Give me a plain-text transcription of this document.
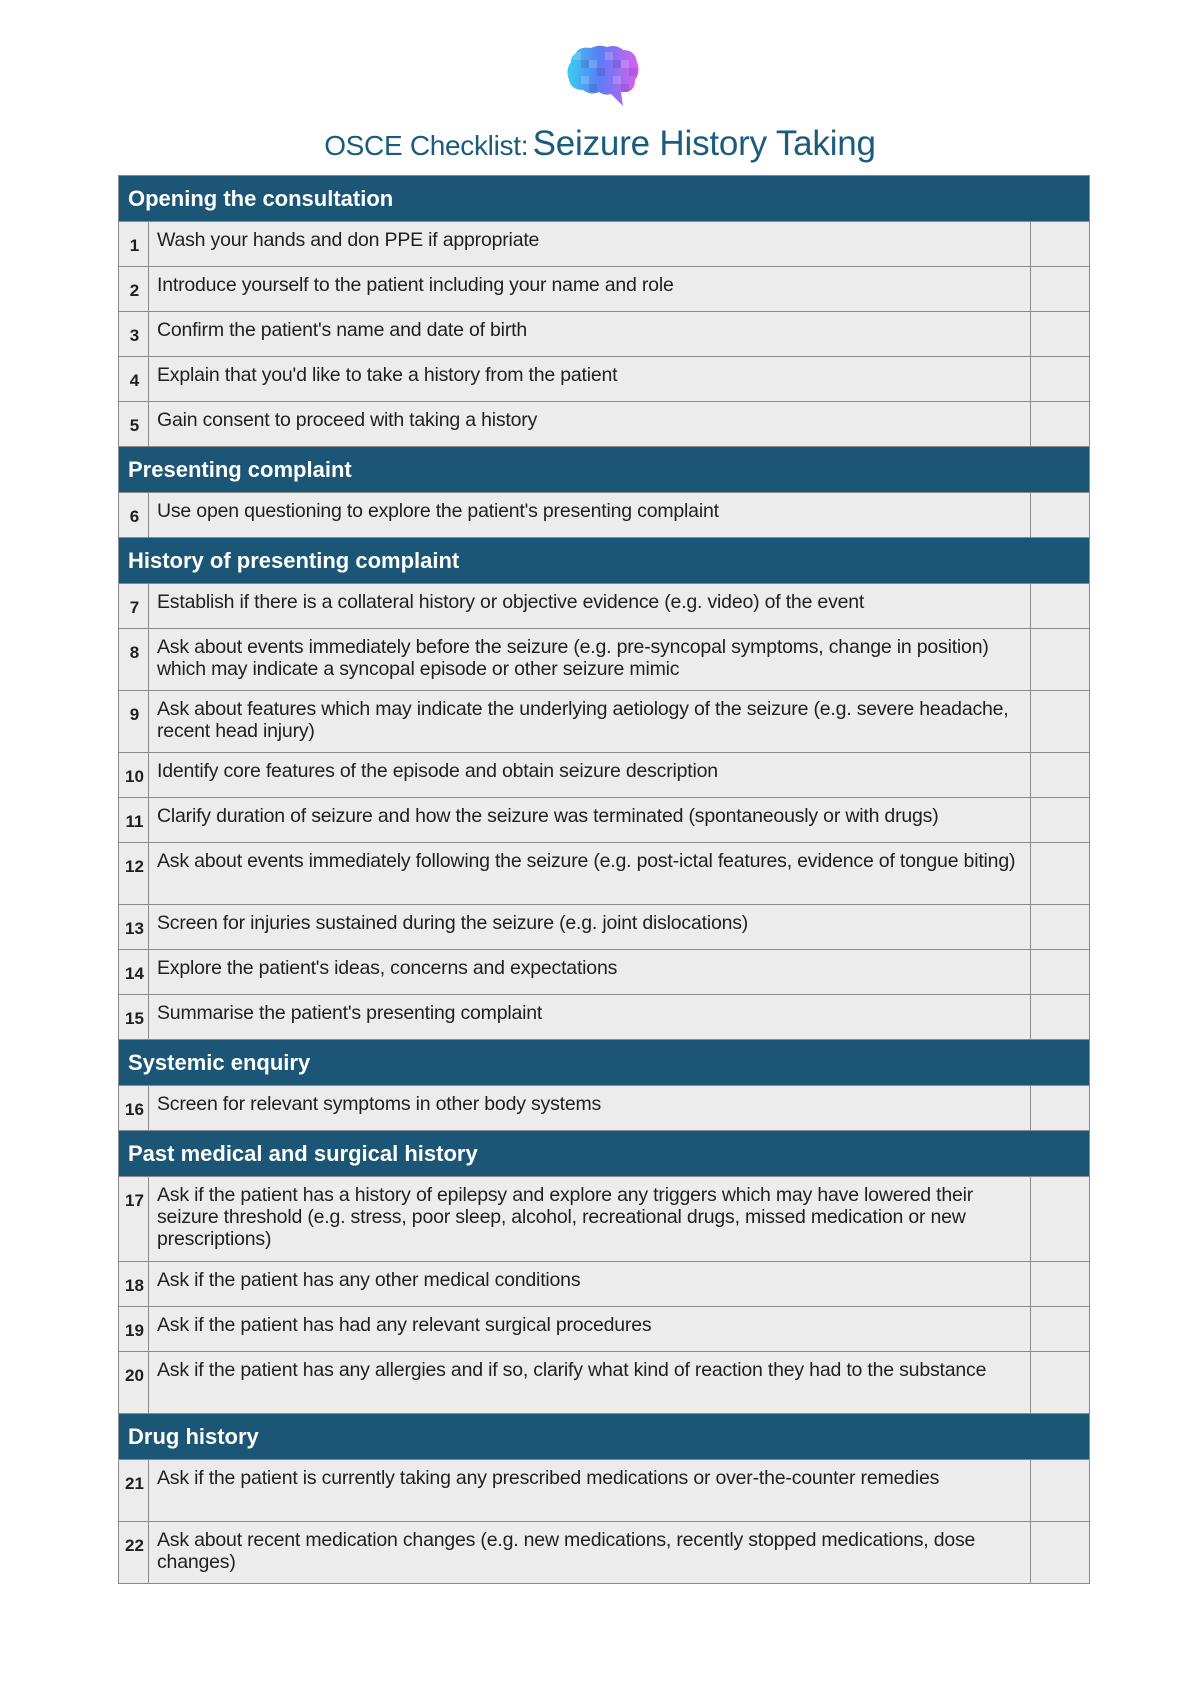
OSCE Checklist: Seizure History Taking
Opening the consultation
1 Wash your hands and don PPE if appropriate
2 Introduce yourself to the patient including your name and role
3 Confirm the patient's name and date of birth
4 Explain that you'd like to take a history from the patient
5 Gain consent to proceed with taking a history
Presenting complaint
6 Use open questioning to explore the patient's presenting complaint
History of presenting complaint
7 Establish if there is a collateral history or objective evidence (e.g. video) of the event
8 Ask about events immediately before the seizure (e.g. pre-syncopal symptoms, change in position) which may indicate a syncopal episode or other seizure mimic
9 Ask about features which may indicate the underlying aetiology of the seizure (e.g. severe headache, recent head injury)
10 Identify core features of the episode and obtain seizure description
11 Clarify duration of seizure and how the seizure was terminated (spontaneously or with drugs)
12 Ask about events immediately following the seizure (e.g. post-ictal features, evidence of tongue biting)
13 Screen for injuries sustained during the seizure (e.g. joint dislocations)
14 Explore the patient's ideas, concerns and expectations
15 Summarise the patient's presenting complaint
Systemic enquiry
16 Screen for relevant symptoms in other body systems
Past medical and surgical history
17 Ask if the patient has a history of epilepsy and explore any triggers which may have lowered their seizure threshold (e.g. stress, poor sleep, alcohol, recreational drugs, missed medication or new prescriptions)
18 Ask if the patient has any other medical conditions
19 Ask if the patient has had any relevant surgical procedures
20 Ask if the patient has any allergies and if so, clarify what kind of reaction they had to the substance
Drug history
21 Ask if the patient is currently taking any prescribed medications or over-the-counter remedies
22 Ask about recent medication changes (e.g. new medications, recently stopped medications, dose changes)
